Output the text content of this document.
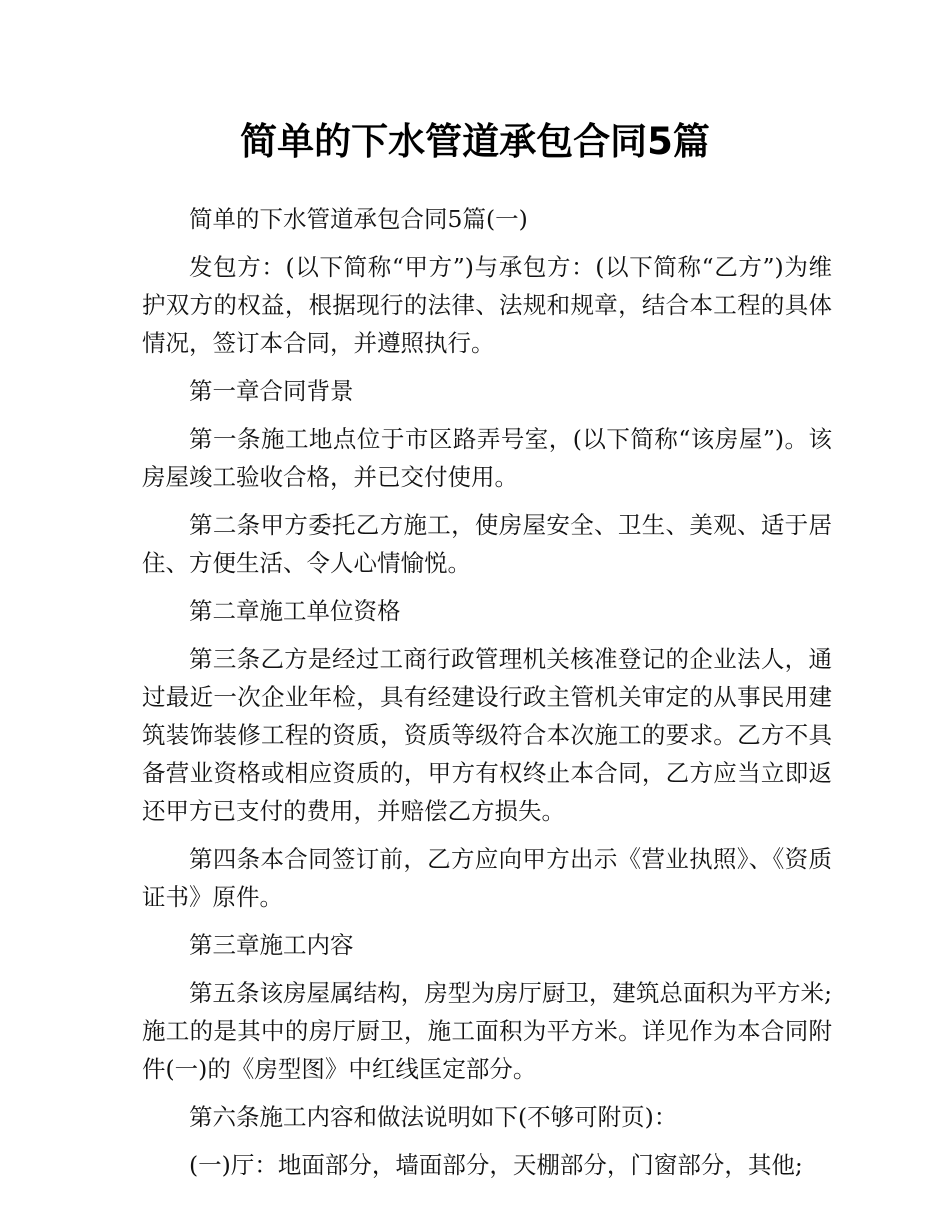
简单的下水管道承包合同5篇

简单的下水管道承包合同5篇(一)

发包方：(以下简称“甲方”)与承包方：(以下简称“乙方”)为维护双方的权益，根据现行的法律、法规和规章，结合本工程的具体情况，签订本合同，并遵照执行。

第一章合同背景

第一条施工地点位于市区路弄号室，(以下简称“该房屋”)。该房屋竣工验收合格，并已交付使用。

第二条甲方委托乙方施工，使房屋安全、卫生、美观、适于居住、方便生活、令人心情愉悦。

第二章施工单位资格

第三条乙方是经过工商行政管理机关核准登记的企业法人，通过最近一次企业年检，具有经建设行政主管机关审定的从事民用建筑装饰装修工程的资质，资质等级符合本次施工的要求。乙方不具备营业资格或相应资质的，甲方有权终止本合同，乙方应当立即返还甲方已支付的费用，并赔偿乙方损失。

第四条本合同签订前，乙方应向甲方出示《营业执照》、《资质证书》原件。

第三章施工内容

第五条该房屋属结构，房型为房厅厨卫，建筑总面积为平方米;施工的是其中的房厅厨卫，施工面积为平方米。详见作为本合同附件(一)的《房型图》中红线匡定部分。

第六条施工内容和做法说明如下(不够可附页)：

(一)厅：地面部分，墙面部分，天棚部分，门窗部分，其他;
